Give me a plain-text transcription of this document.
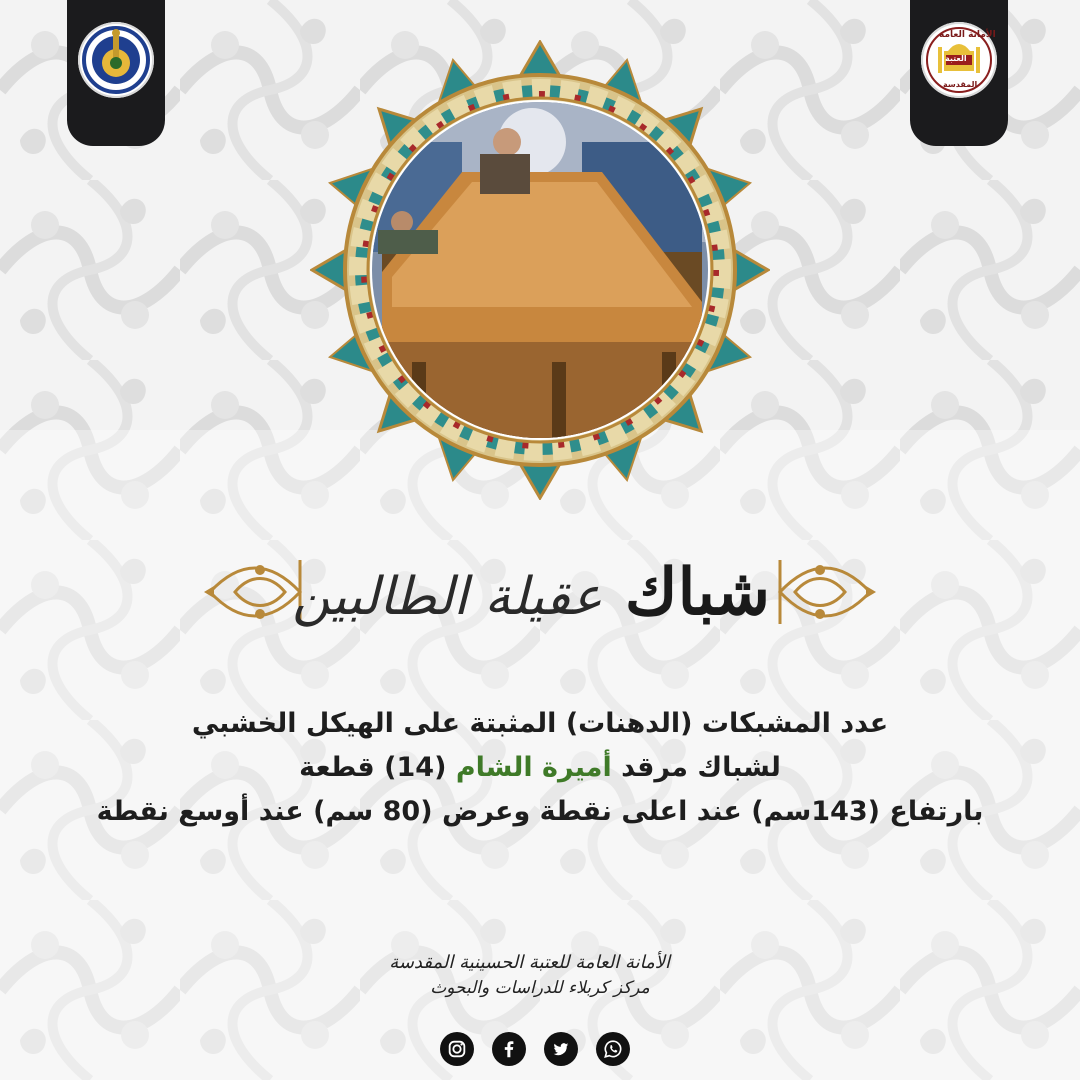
الأمانة العامة
العتبة
المقدسة
شباك عقيلة الطالبين
عدد المشبكات (الدهنات) المثبتة على الهيكل الخشبي
لشباك مرقد أميرة الشام (14) قطعة
بارتفاع (143سم) عند اعلى نقطة وعرض (80 سم) عند أوسع نقطة
الأمانة العامة للعتبة الحسينية المقدسة
مركز كربلاء للدراسات والبحوث
